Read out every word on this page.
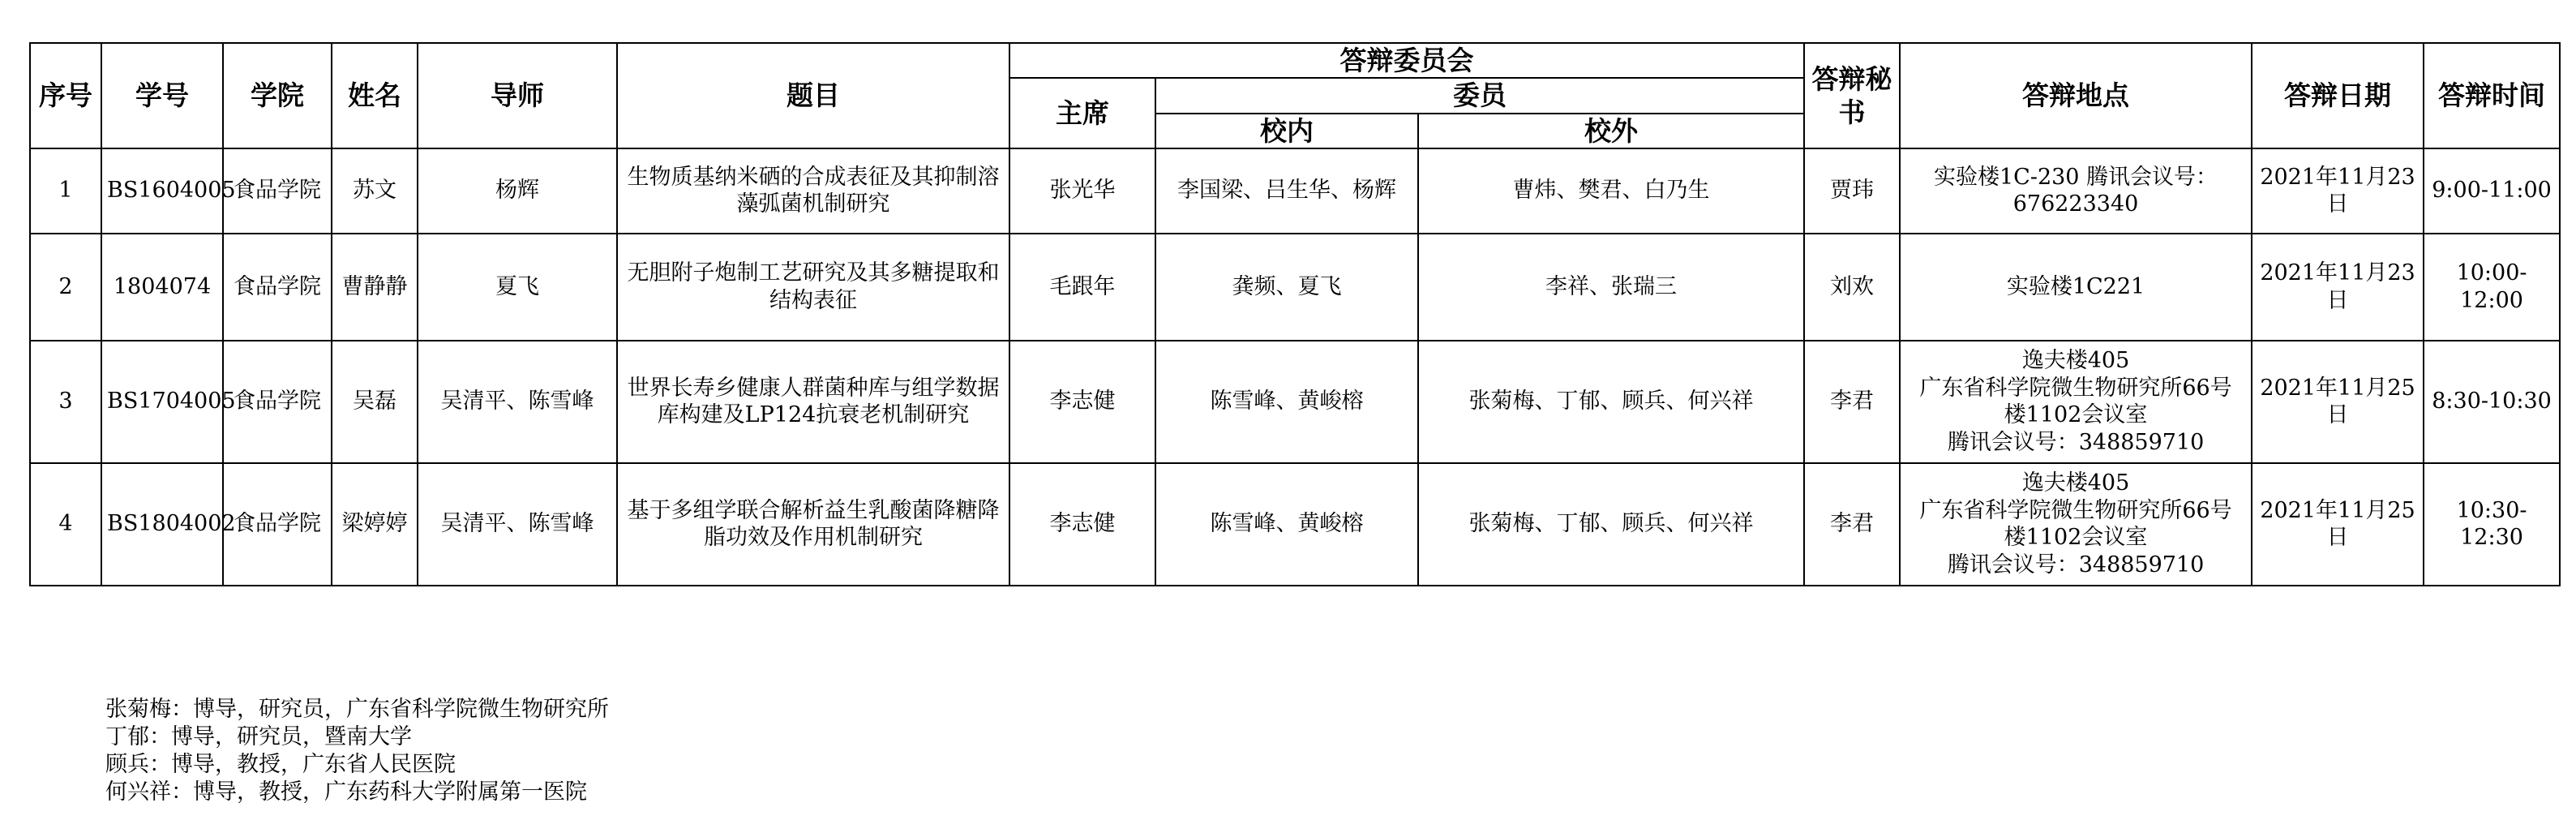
序号	学号	学院	姓名	导师	题目	答辩委员会			答辩秘书	答辩地点	答辩日期	答辩时间
						主席	委员					
							校内	校外				
1	BS1604005	食品学院	苏文	杨辉	生物质基纳米硒的合成表征及其抑制溶藻弧菌机制研究	张光华	李国梁、吕生华、杨辉	曹炜、樊君、白乃生	贾玮	实验楼1C-230 腾讯会议号：
676223340	2021年11月23日	9:00-11:00
2	1804074	食品学院	曹静静	夏飞	无胆附子炮制工艺研究及其多糖提取和结构表征	毛跟年	龚频、夏飞	李祥、张瑞三	刘欢	实验楼1C221	2021年11月23日	10:00-12:00
3	BS1704005	食品学院	吴磊	吴清平、陈雪峰	世界长寿乡健康人群菌种库与组学数据库构建及LP124抗衰老机制研究	李志健	陈雪峰、黄峻榕	张菊梅、丁郁、顾兵、何兴祥	李君	逸夫楼405
广东省科学院微生物研究所66号
楼1102会议室
腾讯会议号：348859710	2021年11月25日	8:30-10:30
4	BS1804002	食品学院	梁婷婷	吴清平、陈雪峰	基于多组学联合解析益生乳酸菌降糖降脂功效及作用机制研究	李志健	陈雪峰、黄峻榕	张菊梅、丁郁、顾兵、何兴祥	李君	逸夫楼405
广东省科学院微生物研究所66号
楼1102会议室
腾讯会议号：348859710	2021年11月25日	10:30-12:30
张菊梅：博导，研究员，广东省科学院微生物研究所
丁郁：博导，研究员，暨南大学
顾兵：博导，教授，广东省人民医院
何兴祥：博导，教授，广东药科大学附属第一医院
